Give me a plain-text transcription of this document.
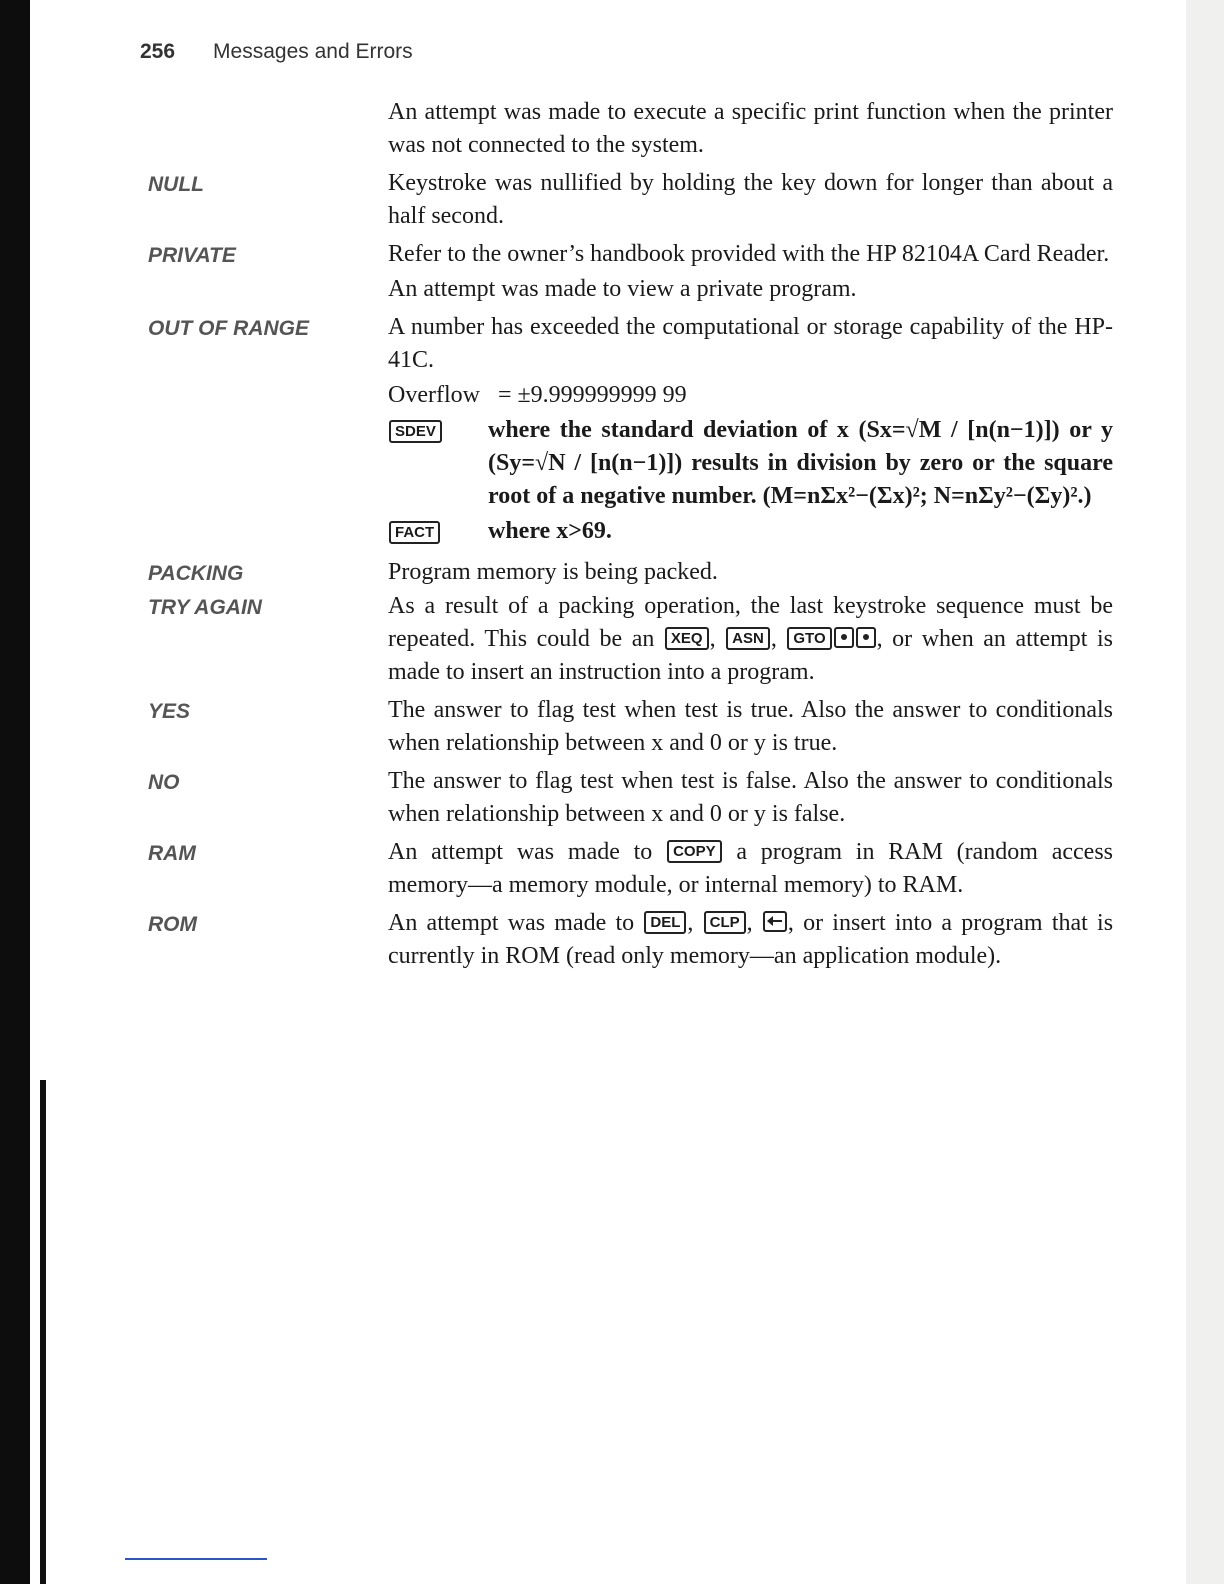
256 Messages and Errors

An attempt was made to execute a specific print function when the printer was not connected to the system.

NULL	Keystroke was nullified by holding the key down for longer than about a half second.

PRIVATE	Refer to the owner’s handbook provided with the HP 82104A Card Reader.

An attempt was made to view a private program.

OUT OF RANGE	A number has exceeded the computational or storage capability of the HP-41C.

Overflow   = ±9.999999999 99

SDEV	where the standard deviation of x (Sx=√M / [n(n−1)]) or y (Sy=√N / [n(n−1)]) results in division by zero or the square root of a negative number. (M=nΣx²−(Σx)²; N=nΣy²−(Σy)².)
FACT	where x>69.
PACKING	Program memory is being packed.

TRY AGAIN	As a result of a packing operation, the last keystroke sequence must be repeated. This could be an XEQ , ASN , GTO , or when an attempt is made to insert an instruction into a program.

YES	The answer to flag test when test is true. Also the answer to conditionals when relationship between x and 0 or y is true.

NO	The answer to flag test when test is false. Also the answer to conditionals when relationship between x and 0 or y is false.

RAM	An attempt was made to COPY a program in RAM (random access memory—a memory module, or internal memory) to RAM.

ROM	An attempt was made to DEL , CLP ,
, or insert into a program that is currently in ROM (read only memory—an application module).
